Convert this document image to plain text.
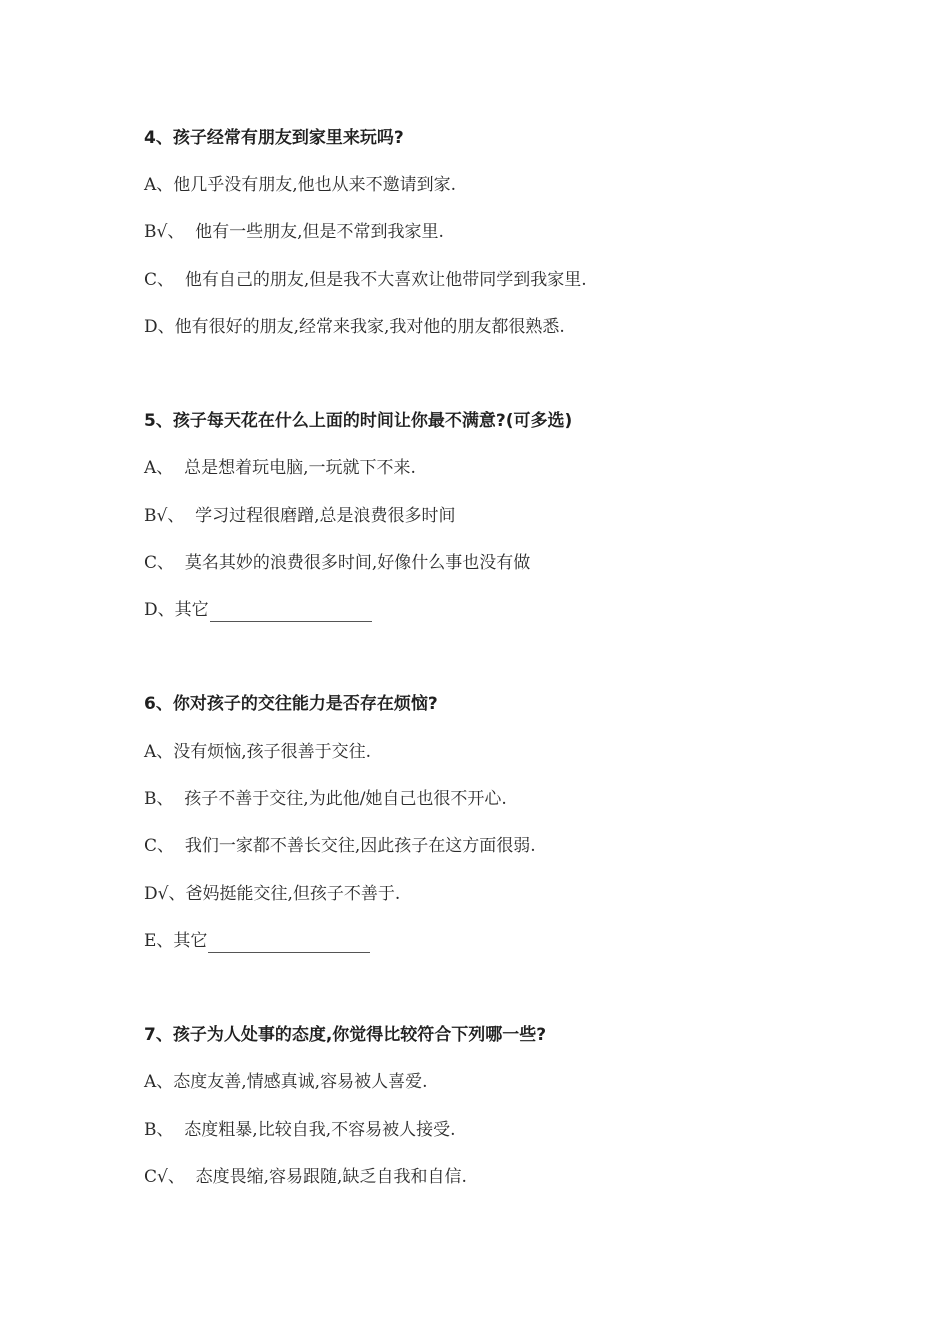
4、孩子经常有朋友到家里来玩吗?
A、他几乎没有朋友,他也从来不邀请到家.
B√、  他有一些朋友,但是不常到我家里.
C、  他有自己的朋友,但是我不大喜欢让他带同学到我家里.
D、他有很好的朋友,经常来我家,我对他的朋友都很熟悉.
5、孩子每天花在什么上面的时间让你最不满意?(可多选)
A、  总是想着玩电脑,一玩就下不来.
B√、  学习过程很磨蹭,总是浪费很多时间
C、  莫名其妙的浪费很多时间,好像什么事也没有做
D、其它
6、你对孩子的交往能力是否存在烦恼?
A、没有烦恼,孩子很善于交往.
B、  孩子不善于交往,为此他/她自己也很不开心.
C、  我们一家都不善长交往,因此孩子在这方面很弱.
D√、爸妈挺能交往,但孩子不善于.
E、其它
7、孩子为人处事的态度,你觉得比较符合下列哪一些?
A、态度友善,情感真诚,容易被人喜爱.
B、  态度粗暴,比较自我,不容易被人接受.
C√、  态度畏缩,容易跟随,缺乏自我和自信.
